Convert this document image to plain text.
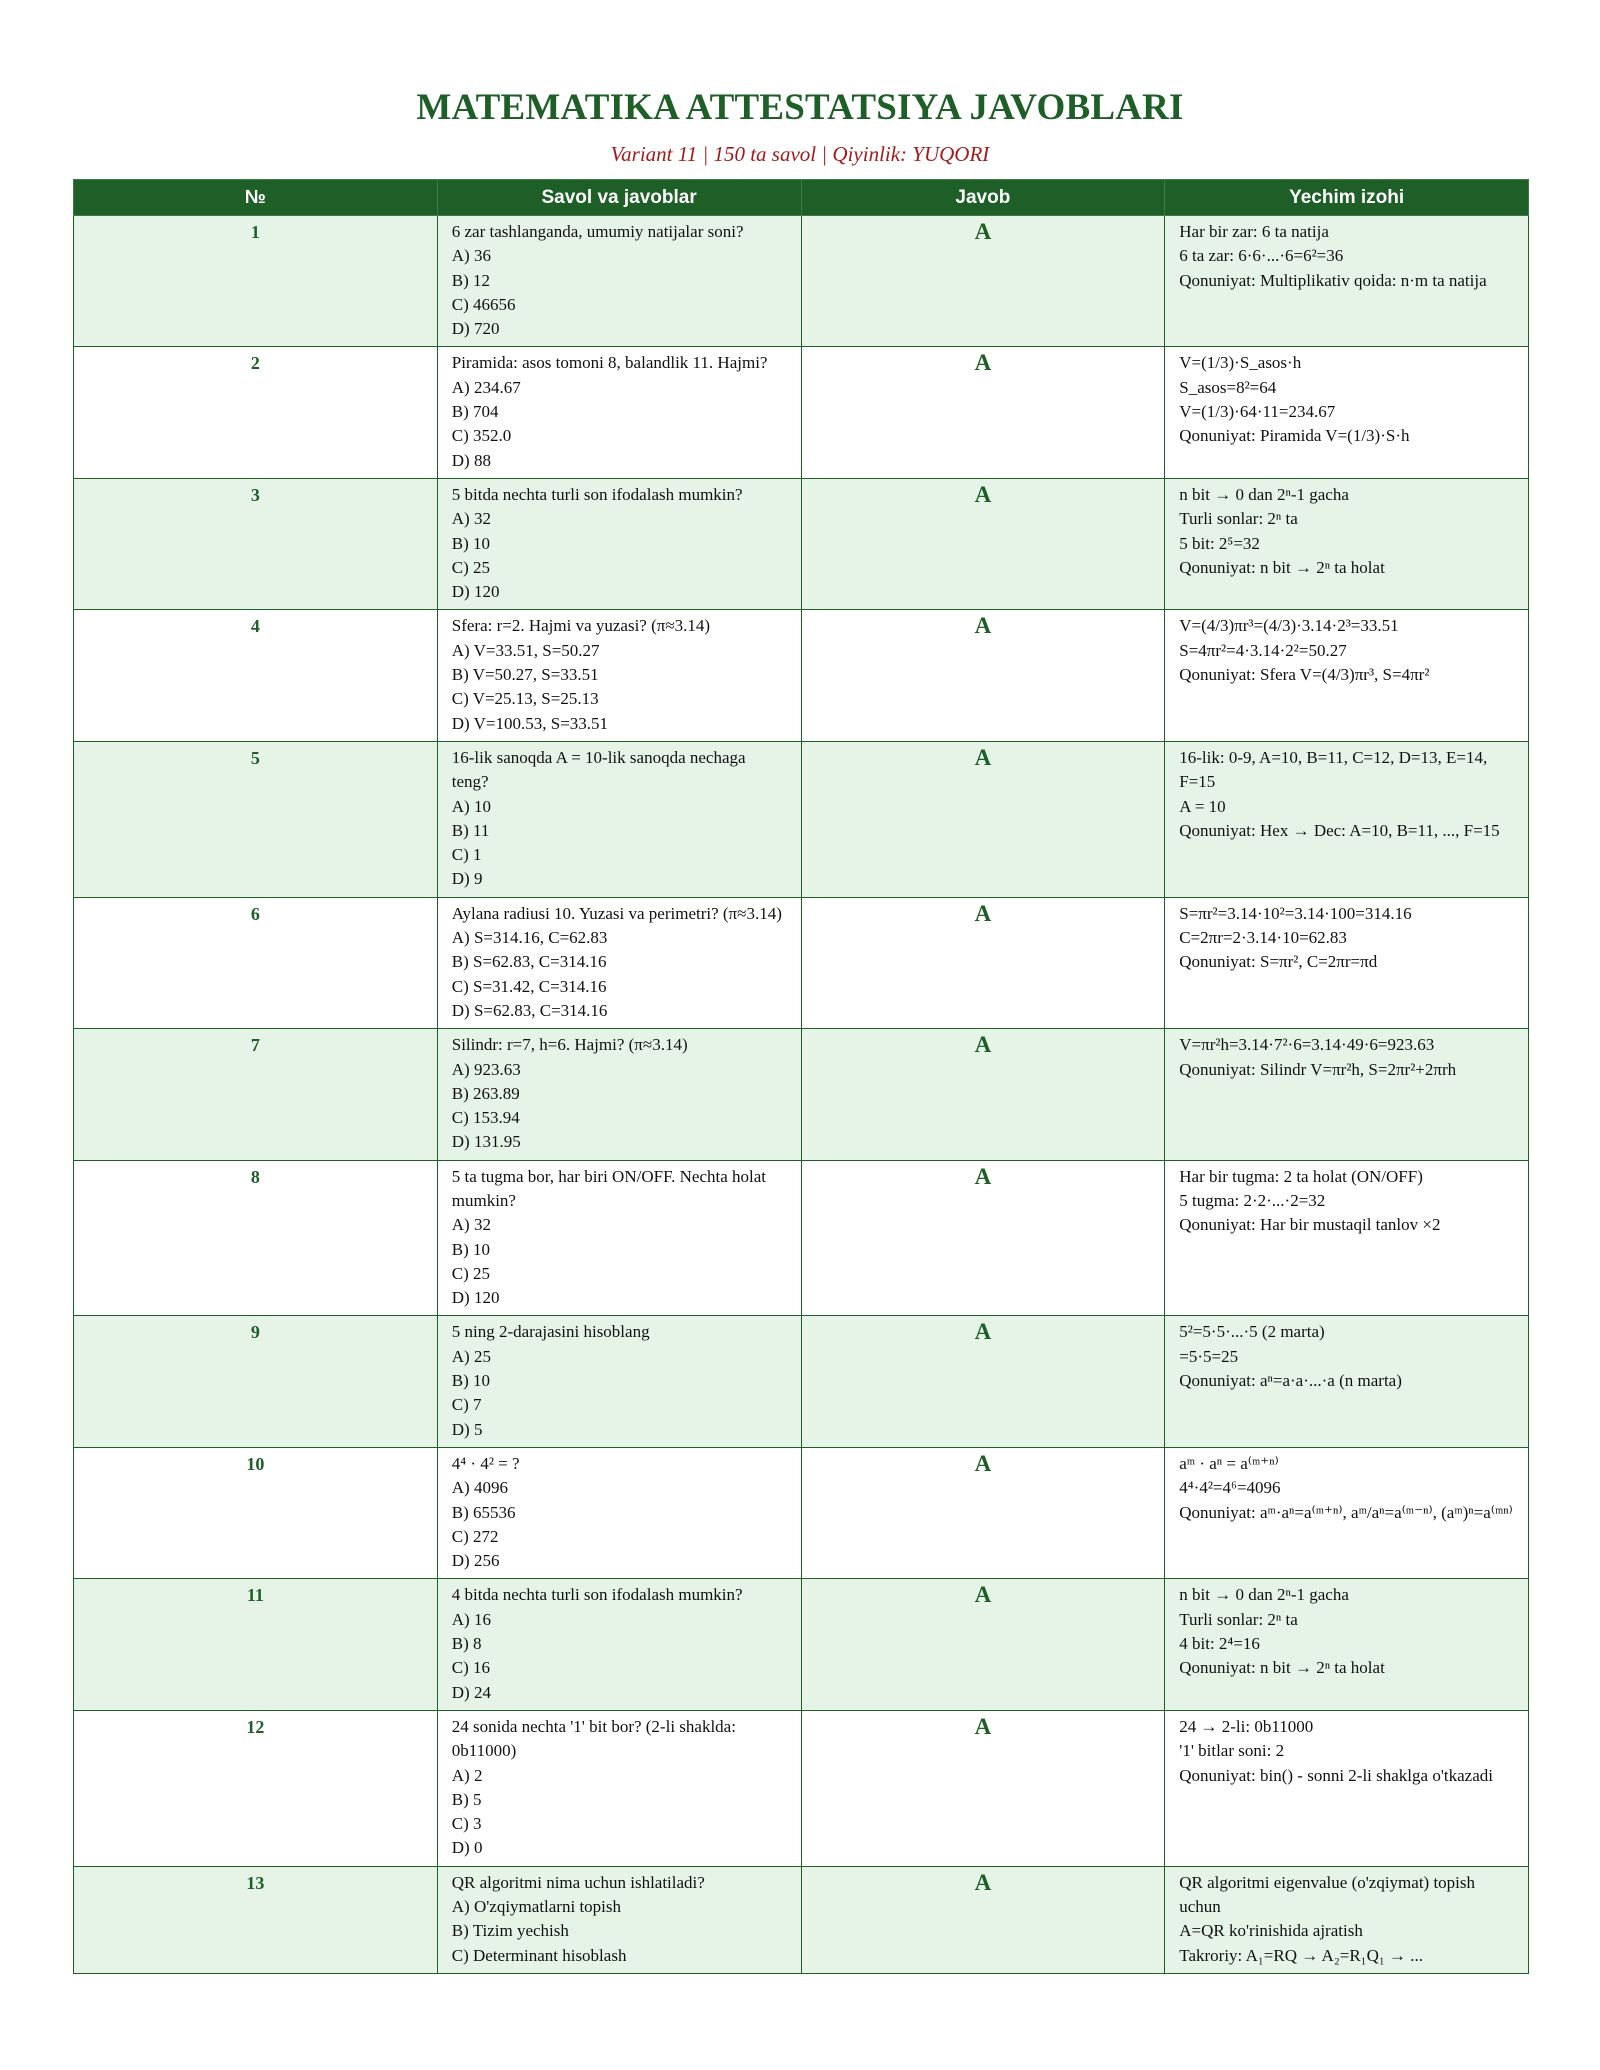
MATEMATIKA ATTESTATSIYA JAVOBLARI

Variant 11 | 150 ta savol | Qiyinlik: YUQORI

№	Savol va javoblar	Javob	Yechim izohi
1	6 zar tashlanganda, umumiy natijalar soni?
A) 36
B) 12
C) 46656
D) 720	A	Har bir zar: 6 ta natija
6 ta zar: 6·6·...·6=6²=36
Qonuniyat: Multiplikativ qoida: n·m ta natija

2	Piramida: asos tomoni 8, balandlik 11. Hajmi?
A) 234.67
B) 704
C) 352.0
D) 88	A	V=(1/3)·S_asos·h
S_asos=8²=64
V=(1/3)·64·11=234.67
Qonuniyat: Piramida V=(1/3)·S·h

3	5 bitda nechta turli son ifodalash mumkin?
A) 32
B) 10
C) 25
D) 120	A	n bit → 0 dan 2ⁿ-1 gacha
Turli sonlar: 2ⁿ ta
5 bit: 2⁵=32
Qonuniyat: n bit → 2ⁿ ta holat

4	Sfera: r=2. Hajmi va yuzasi? (π≈3.14)
A) V=33.51, S=50.27
B) V=50.27, S=33.51
C) V=25.13, S=25.13
D) V=100.53, S=33.51	A	V=(4/3)πr³=(4/3)·3.14·2³=33.51
S=4πr²=4·3.14·2²=50.27
Qonuniyat: Sfera V=(4/3)πr³, S=4πr²

5	16-lik sanoqda A = 10-lik sanoqda nechaga teng?
A) 10
B) 11
C) 1
D) 9	A	16-lik: 0-9, A=10, B=11, C=12, D=13, E=14, F=15
A = 10
Qonuniyat: Hex → Dec: A=10, B=11, ..., F=15

6	Aylana radiusi 10. Yuzasi va perimetri? (π≈3.14)
A) S=314.16, C=62.83
B) S=62.83, C=314.16
C) S=31.42, C=314.16
D) S=62.83, C=314.16	A	S=πr²=3.14·10²=3.14·100=314.16
C=2πr=2·3.14·10=62.83
Qonuniyat: S=πr², C=2πr=πd

7	Silindr: r=7, h=6. Hajmi? (π≈3.14)
A) 923.63
B) 263.89
C) 153.94
D) 131.95	A	V=πr²h=3.14·7²·6=3.14·49·6=923.63
Qonuniyat: Silindr V=πr²h, S=2πr²+2πrh

8	5 ta tugma bor, har biri ON/OFF. Nechta holat mumkin?
A) 32
B) 10
C) 25
D) 120	A	Har bir tugma: 2 ta holat (ON/OFF)
5 tugma: 2·2·...·2=32
Qonuniyat: Har bir mustaqil tanlov ×2

9	5 ning 2-darajasini hisoblang
A) 25
B) 10
C) 7
D) 5	A	5²=5·5·...·5 (2 marta)
=5·5=25
Qonuniyat: aⁿ=a·a·...·a (n marta)

10	4⁴ · 4² = ?
A) 4096
B) 65536
C) 272
D) 256	A	aᵐ · aⁿ = a⁽ᵐ⁺ⁿ⁾
4⁴·4²=4⁶=4096
Qonuniyat: aᵐ·aⁿ=a⁽ᵐ⁺ⁿ⁾, aᵐ/aⁿ=a⁽ᵐ⁻ⁿ⁾, (aᵐ)ⁿ=a⁽ᵐⁿ⁾

11	4 bitda nechta turli son ifodalash mumkin?
A) 16
B) 8
C) 16
D) 24	A	n bit → 0 dan 2ⁿ-1 gacha
Turli sonlar: 2ⁿ ta
4 bit: 2⁴=16
Qonuniyat: n bit → 2ⁿ ta holat

12	24 sonida nechta '1' bit bor? (2-li shaklda: 0b11000)
A) 2
B) 5
C) 3
D) 0	A	24 → 2-li: 0b11000
'1' bitlar soni: 2
Qonuniyat: bin() - sonni 2-li shaklga o'tkazadi

13	QR algoritmi nima uchun ishlatiladi?
A) O'zqiymatlarni topish
B) Tizim yechish
C) Determinant hisoblash	A	QR algoritmi eigenvalue (o'zqiymat) topish uchun
A=QR ko'rinishida ajratish
Takroriy: A₁=RQ → A₂=R₁Q₁ → ...
